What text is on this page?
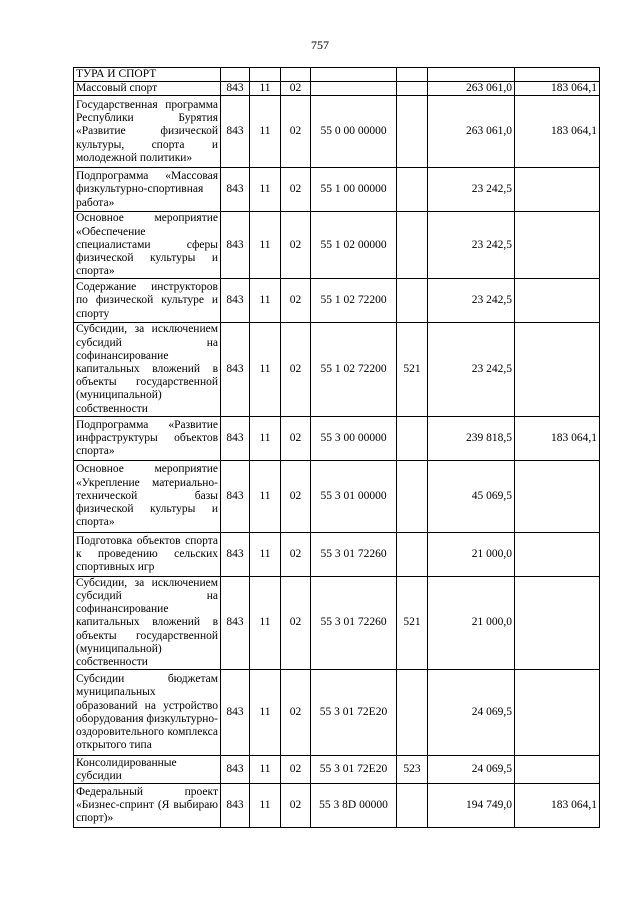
757
ТУРА И СПОРТ							
Массовый спорт	843	11	02			263 061,0	183 064,1
Государственная программа Республики Бурятия «Развитие физической культуры, спорта и молодежной политики»	843	11	02	55 0 00 00000		263 061,0	183 064,1
Подпрограмма «Массовая физкультурно-спортивная работа»	843	11	02	55 1 00 00000		23 242,5	
Основное мероприятие «Обеспечение специалистами сферы физической культуры и спорта»	843	11	02	55 1 02 00000		23 242,5	
Содержание инструкторов по физической культуре и спорту	843	11	02	55 1 02 72200		23 242,5	
Субсидии, за исключением субсидий на софинансирование капитальных вложений в объекты государственной (муниципальной) собственности	843	11	02	55 1 02 72200	521	23 242,5	
Подпрограмма «Развитие инфраструктуры объектов спорта»	843	11	02	55 3 00 00000		239 818,5	183 064,1
Основное мероприятие «Укрепление материально-технической базы физической культуры и спорта»	843	11	02	55 3 01 00000		45 069,5	
Подготовка объектов спорта к проведению сельских спортивных игр	843	11	02	55 3 01 72260		21 000,0	
Субсидии, за исключением субсидий на софинансирование капитальных вложений в объекты государственной (муниципальной) собственности	843	11	02	55 3 01 72260	521	21 000,0	
Субсидии бюджетам муниципальных образований на устройство оборудования физкультурно-оздоровительного комплекса открытого типа	843	11	02	55 3 01 72E20		24 069,5	
Консолидированные субсидии	843	11	02	55 3 01 72E20	523	24 069,5	
Федеральный проект «Бизнес-спринт (Я выбираю спорт)»	843	11	02	55 3 8D 00000		194 749,0	183 064,1
